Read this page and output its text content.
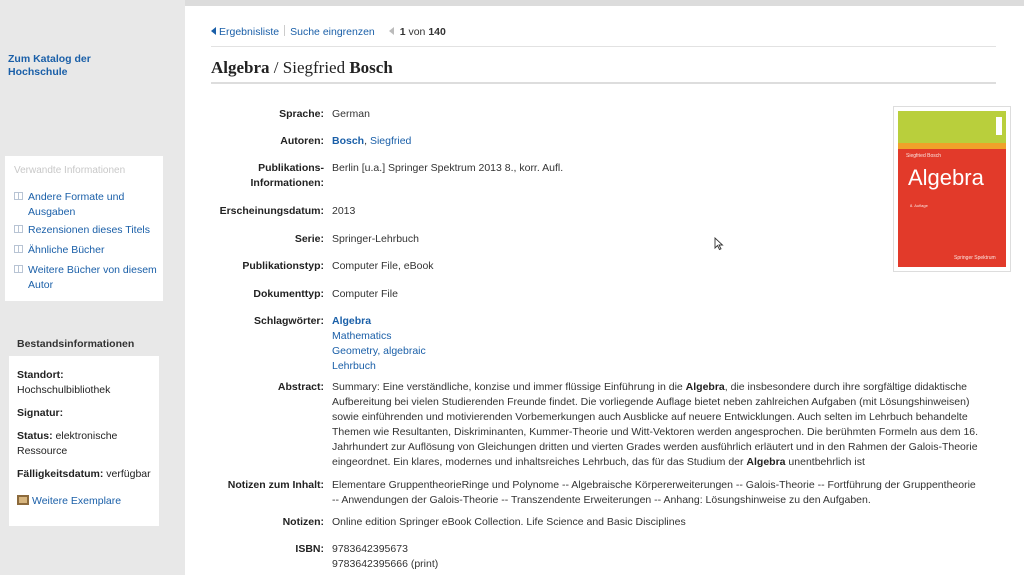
Zum Katalog der Hochschule
Verwandte Informationen
Andere Formate und Ausgaben
Rezensionen dieses Titels
Ähnliche Bücher
Weitere Bücher von diesem Autor
Bestandsinformationen
Standort:
Hochschulbibliothek
Signatur:
Status: elektronische Ressource
Fälligkeitsdatum: verfügbar
Weitere Exemplare
Ergebnisliste Suche eingrenzen 1 von 140
Algebra / Siegfried Bosch
Sprache: German
Autoren: Bosch, Siegfried
Publikations-
Informationen:
Berlin [u.a.] Springer Spektrum 2013 8., korr. Aufl.
Erscheinungsdatum: 2013
Serie: Springer-Lehrbuch
Publikationstyp: Computer File, eBook
Dokumenttyp: Computer File
Schlagwörter: Algebra
Mathematics
Geometry, algebraic
Lehrbuch
Abstract: Summary: Eine verständliche, konzise und immer flüssige Einführung in die Algebra, die insbesondere durch ihre sorgfältige didaktische Aufbereitung bei vielen Studierenden Freunde findet. Die vorliegende Auflage bietet neben zahlreichen Aufgaben (mit Lösungshinweisen) sowie einführenden und motivierenden Vorbemerkungen auch Ausblicke auf neuere Entwicklungen. Auch selten im Lehrbuch behandelte Themen wie Resultanten, Diskriminanten, Kummer-Theorie und Witt-Vektoren werden angesprochen. Die berühmten Formeln aus dem 16. Jahrhundert zur Auflösung von Gleichungen dritten und vierten Grades werden ausführlich erläutert und in den Rahmen der Galois-Theorie eingeordnet. Ein klares, modernes und inhaltsreiches Lehrbuch, das für das Studium der Algebra unentbehrlich ist
Notizen zum Inhalt: Elementare GruppentheorieRinge und Polynome -- Algebraische Körpererweiterungen -- Galois-Theorie -- Fortführung der Gruppentheorie -- Anwendungen der Galois-Theorie -- Transzendente Erweiterungen -- Anhang: Lösungshinweise zu den Aufgaben.
Notizen: Online edition Springer eBook Collection. Life Science and Basic Disciplines
ISBN: 9783642395673
9783642395666 (print)
Siegfried Bosch
Algebra
8. Auflage
Springer Spektrum
